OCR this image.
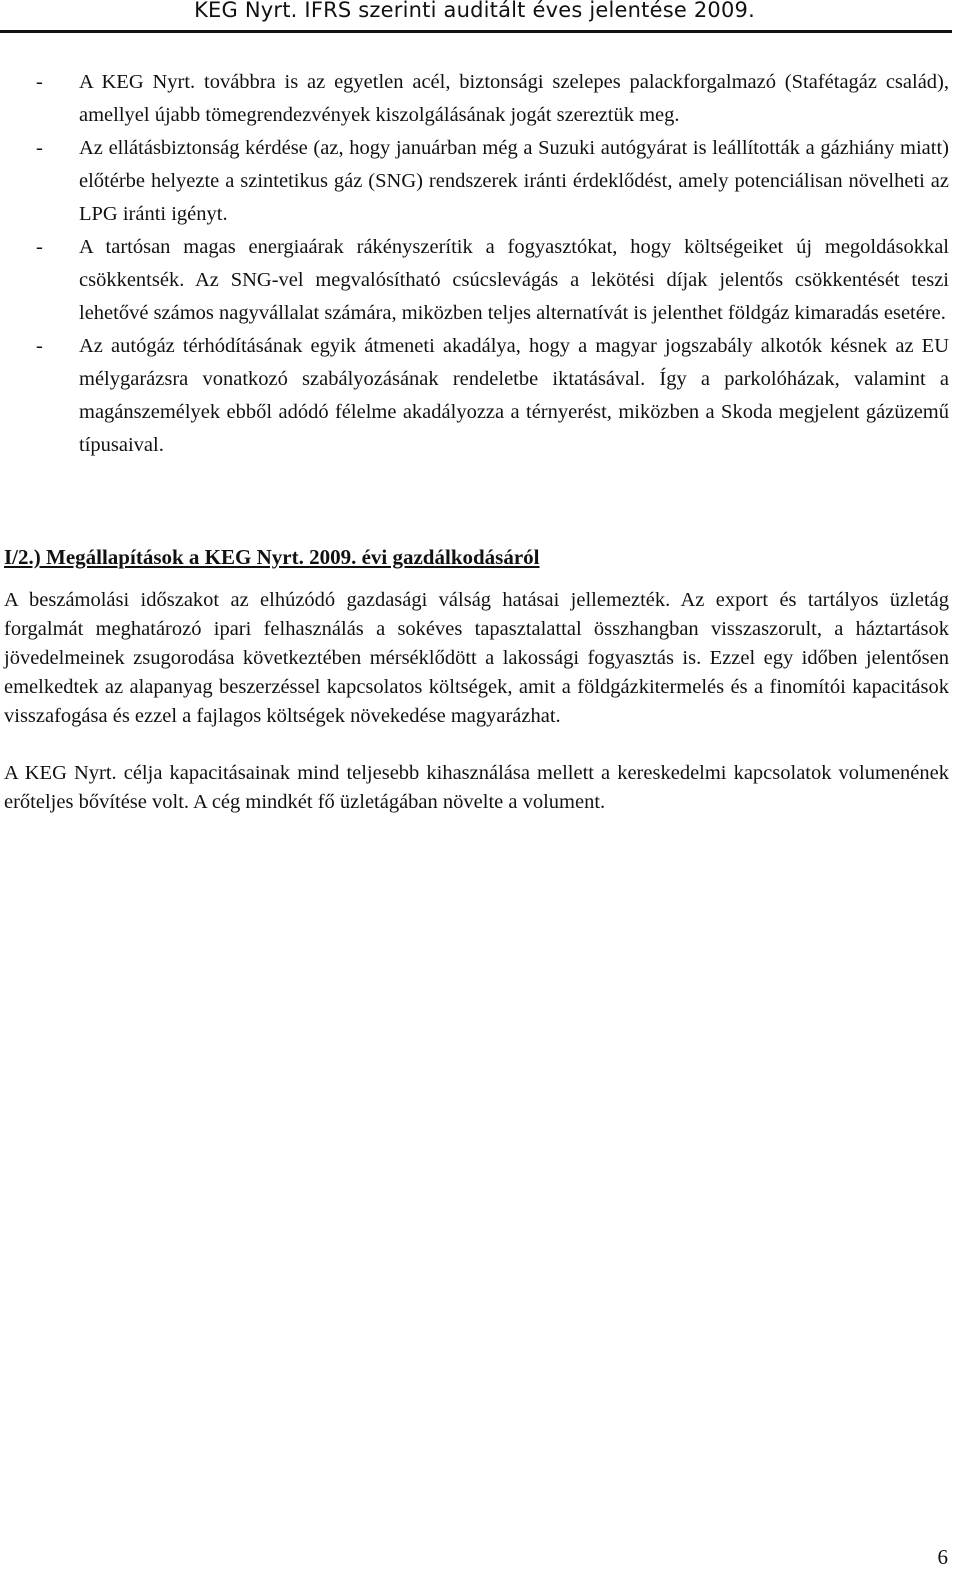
KEG Nyrt. IFRS szerinti auditált éves jelentése 2009.
- A KEG Nyrt. továbbra is az egyetlen acél, biztonsági szelepes palackforgalmazó (Stafétagáz család), amellyel újabb tömegrendezvények kiszolgálásának jogát szereztük meg.
- Az ellátásbiztonság kérdése (az, hogy januárban még a Suzuki autógyárat is leállították a gázhiány miatt) előtérbe helyezte a szintetikus gáz (SNG) rendszerek iránti érdeklődést, amely potenciálisan növelheti az LPG iránti igényt.
- A tartósan magas energiaárak rákényszerítik a fogyasztókat, hogy költségeiket új megoldásokkal csökkentsék. Az SNG-vel megvalósítható csúcslevágás a lekötési díjak jelentős csökkentését teszi lehetővé számos nagyvállalat számára, miközben teljes alternatívát is jelenthet földgáz kimaradás esetére.
- Az autógáz térhódításának egyik átmeneti akadálya, hogy a magyar jogszabály alkotók késnek az EU mélygarázsra vonatkozó szabályozásának rendeletbe iktatásával. Így a parkolóházak, valamint a magánszemélyek ebből adódó félelme akadályozza a térnyerést, miközben a Skoda megjelent gázüzemű típusaival.
I/2.) Megállapítások a KEG Nyrt. 2009. évi gazdálkodásáról

A beszámolási időszakot az elhúzódó gazdasági válság hatásai jellemezték. Az export és tartályos üzletág forgalmát meghatározó ipari felhasználás a sokéves tapasztalattal összhangban visszaszorult, a háztartások jövedelmeinek zsugorodása következtében mérséklődött a lakossági fogyasztás is. Ezzel egy időben jelentősen emelkedtek az alapanyag beszerzéssel kapcsolatos költségek, amit a földgázkitermelés és a finomítói kapacitások visszafogása és ezzel a fajlagos költségek növekedése magyarázhat.

A KEG Nyrt. célja kapacitásainak mind teljesebb kihasználása mellett a kereskedelmi kapcsolatok volumenének erőteljes bővítése volt. A cég mindkét fő üzletágában növelte a volument.

6
